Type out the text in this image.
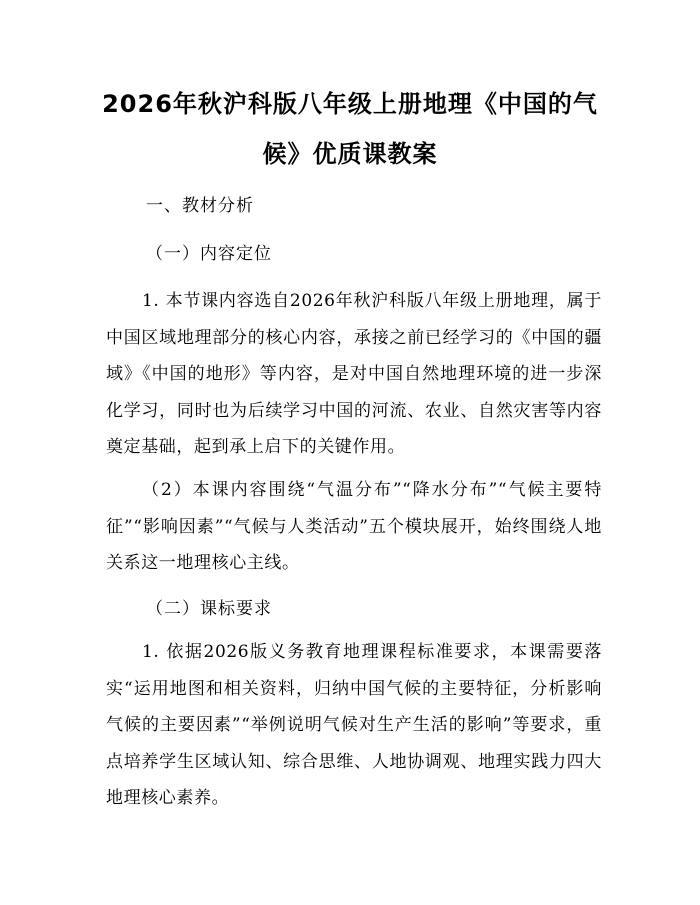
2026年秋沪科版八年级上册地理《中国的气
候》优质课教案
一、教材分析
（一）内容定位

1. 本节课内容选自2026年秋沪科版八年级上册地理，属于中国区域地理部分的核心内容，承接之前已经学习的《中国的疆域》《中国的地形》等内容，是对中国自然地理环境的进一步深化学习，同时也为后续学习中国的河流、农业、自然灾害等内容奠定基础，起到承上启下的关键作用。

（2）本课内容围绕“气温分布”“降水分布”“气候主要特征”“影响因素”“气候与人类活动”五个模块展开，始终围绕人地关系这一地理核心主线。

（二）课标要求

1. 依据2026版义务教育地理课程标准要求，本课需要落实“运用地图和相关资料，归纳中国气候的主要特征，分析影响气候的主要因素”“举例说明气候对生产生活的影响”等要求，重点培养学生区域认知、综合思维、人地协调观、地理实践力四大地理核心素养。
